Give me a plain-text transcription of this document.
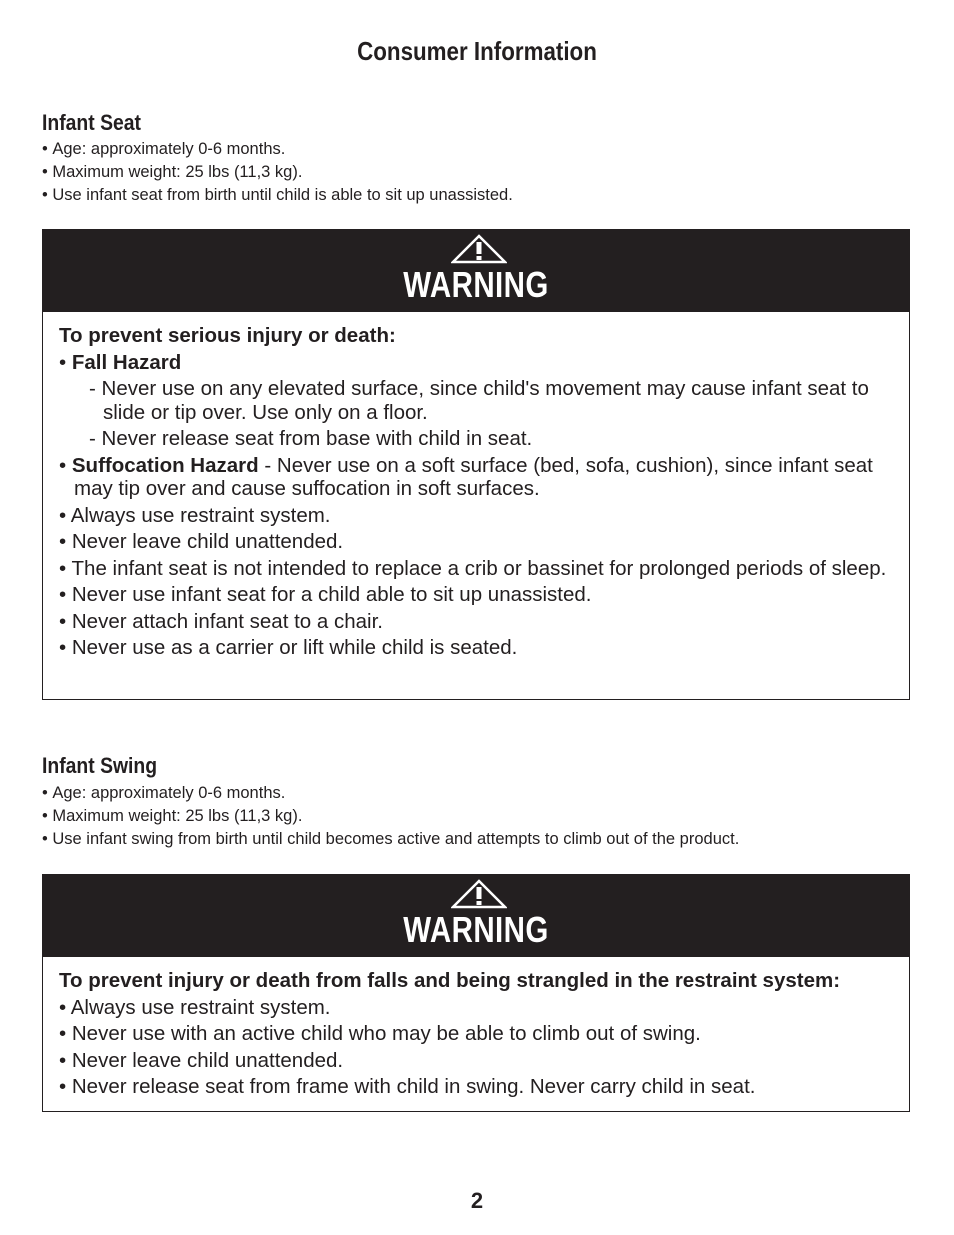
Consumer Information
Infant Seat
• Age: approximately 0-6 months.
• Maximum weight: 25 lbs (11,3 kg).
• Use infant seat from birth until child is able to sit up unassisted.
WARNING
To prevent serious injury or death:
• Fall Hazard
- Never use on any elevated surface, since child's movement may cause infant seat to slide or tip over. Use only on a floor.
- Never release seat from base with child in seat.
• Suffocation Hazard - Never use on a soft surface (bed, sofa, cushion), since infant seat may tip over and cause suffocation in soft surfaces.
• Always use restraint system.
• Never leave child unattended.
• The infant seat is not intended to replace a crib or bassinet for prolonged periods of sleep.
• Never use infant seat for a child able to sit up unassisted.
• Never attach infant seat to a chair.
• Never use as a carrier or lift while child is seated.
Infant Swing
• Age: approximately 0-6 months.
• Maximum weight: 25 lbs (11,3 kg).
• Use infant swing from birth until child becomes active and attempts to climb out of the product.
WARNING
To prevent injury or death from falls and being strangled in the restraint system:
• Always use restraint system.
• Never use with an active child who may be able to climb out of swing.
• Never leave child unattended.
• Never release seat from frame with child in swing. Never carry child in seat.
2
